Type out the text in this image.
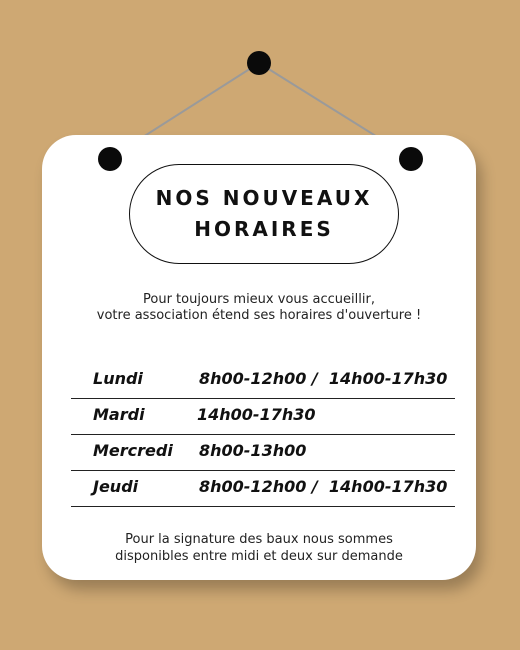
NOS NOUVEAUX
HORAIRES
Pour toujours mieux vous accueillir,
votre association étend ses horaires d'ouverture !
Lundi	8h00-12h00 /  14h00-17h30
Mardi	14h00-17h30
Mercredi 8h00-13h00
Jeudi	8h00-12h00 /  14h00-17h30
Pour la signature des baux nous sommes
disponibles entre midi et deux sur demande
